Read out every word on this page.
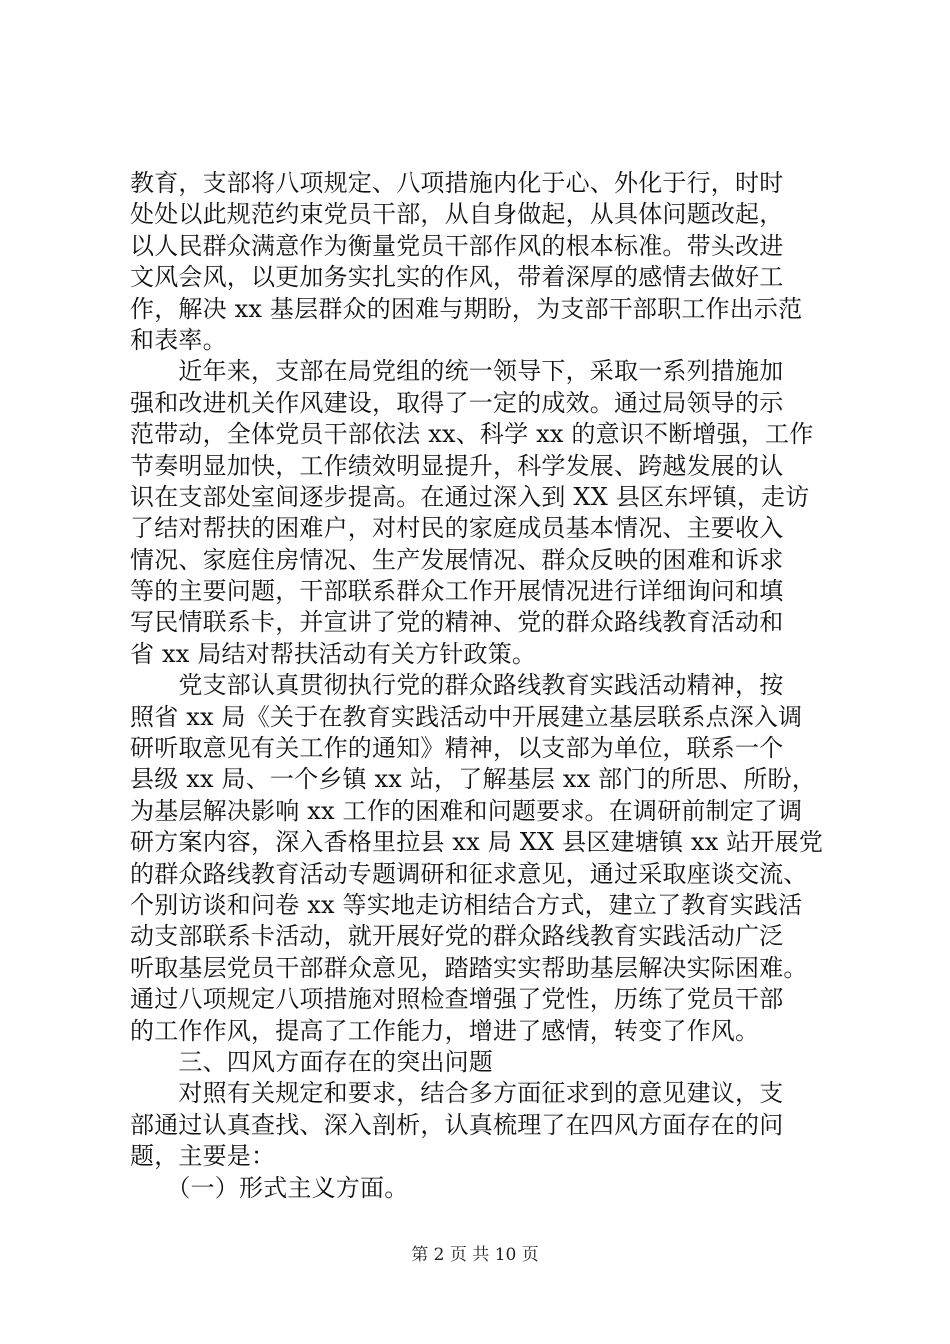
教育，支部将八项规定、八项措施内化于心、外化于行，时时
处处以此规范约束党员干部，从自身做起，从具体问题改起，
以人民群众满意作为衡量党员干部作风的根本标准。带头改进
文风会风，以更加务实扎实的作风，带着深厚的感情去做好工
作，解决 xx 基层群众的困难与期盼，为支部干部职工作出示范
和表率。
　　近年来，支部在局党组的统一领导下，采取一系列措施加
强和改进机关作风建设，取得了一定的成效。通过局领导的示
范带动，全体党员干部依法 xx、科学 xx 的意识不断增强，工作
节奏明显加快，工作绩效明显提升，科学发展、跨越发展的认
识在支部处室间逐步提高。在通过深入到 XX 县区东坪镇，走访
了结对帮扶的困难户，对村民的家庭成员基本情况、主要收入
情况、家庭住房情况、生产发展情况、群众反映的困难和诉求
等的主要问题，干部联系群众工作开展情况进行详细询问和填
写民情联系卡，并宣讲了党的精神、党的群众路线教育活动和
省 xx 局结对帮扶活动有关方针政策。
　　党支部认真贯彻执行党的群众路线教育实践活动精神，按
照省 xx 局《关于在教育实践活动中开展建立基层联系点深入调
研听取意见有关工作的通知》精神，以支部为单位，联系一个
县级 xx 局、一个乡镇 xx 站，了解基层 xx 部门的所思、所盼，
为基层解决影响 xx 工作的困难和问题要求。在调研前制定了调
研方案内容，深入香格里拉县 xx 局 XX 县区建塘镇 xx 站开展党
的群众路线教育活动专题调研和征求意见，通过采取座谈交流、
个别访谈和问卷 xx 等实地走访相结合方式，建立了教育实践活
动支部联系卡活动，就开展好党的群众路线教育实践活动广泛
听取基层党员干部群众意见，踏踏实实帮助基层解决实际困难。
通过八项规定八项措施对照检查增强了党性，历练了党员干部
的工作作风，提高了工作能力，增进了感情，转变了作风。
　　三、四风方面存在的突出问题
　　对照有关规定和要求，结合多方面征求到的意见建议，支
部通过认真查找、深入剖析，认真梳理了在四风方面存在的问
题，主要是：
　　（一）形式主义方面。
第 2 页 共 10 页
